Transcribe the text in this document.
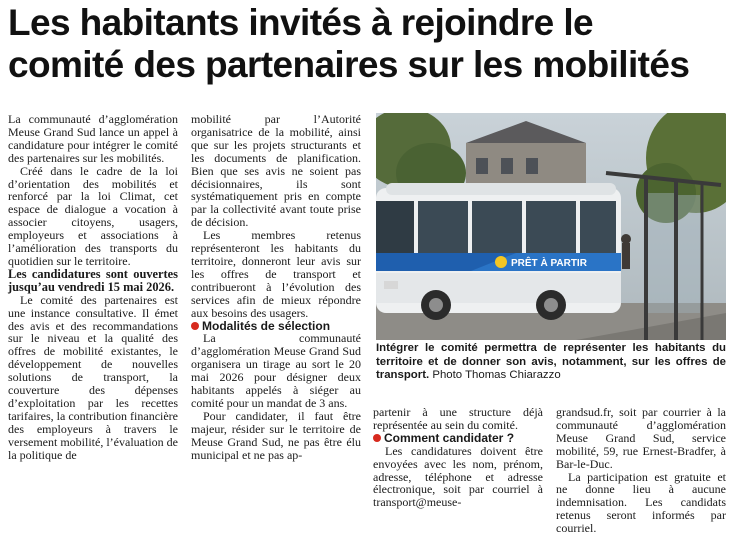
Les habitants invités à rejoindre le
comité des partenaires sur les mobilités

La communauté d’agglomération Meuse Grand Sud lance un appel à candidature pour intégrer le comité des partenaires sur les mobilités.

Créé dans le cadre de la loi d’orientation des mobilités et renforcé par la loi Climat, cet espace de dialogue a vocation à associer citoyens, usagers, employeurs et associations à l’amélioration des transports du quotidien sur le territoire.

Les candidatures sont ouvertes jusqu’au vendredi 15 mai 2026.

Le comité des partenaires est une instance consultative. Il émet des avis et des recommandations sur le niveau et la qualité des offres de mobilité existantes, le développement de nouvelles solutions de transport, la couverture des dépenses d’exploitation par les recettes tarifaires, la contribution financière des employeurs à travers le versement mobilité, l’évaluation de la politique de

mobilité par l’Autorité organisatrice de la mobilité, ainsi que sur les projets structurants et les documents de planification. Bien que ses avis ne soient pas décisionnaires, ils sont systématiquement pris en compte par la collectivité avant toute prise de décision.

Les membres retenus représenteront les habitants du territoire, donneront leur avis sur les offres de transport et contribueront à l’évolution des services afin de mieux répondre aux besoins des usagers.

Modalités de sélection

La communauté d’agglomération Meuse Grand Sud organisera un tirage au sort le 20 mai 2026 pour désigner deux habitants appelés à siéger au comité pour un mandat de 3 ans.

Pour candidater, il faut être majeur, résider sur le territoire de Meuse Grand Sud, ne pas être élu municipal et ne pas ap-

PRÊT À PARTIR
Intégrer le comité permettra de représenter les habitants du territoire et de donner son avis, notamment, sur les offres de transport. Photo Thomas Chiarazzo

partenir à une structure déjà représentée au sein du comité.

Comment candidater ?

Les candidatures doivent être envoyées avec les nom, prénom, adresse, téléphone et adresse électronique, soit par courriel à transport@meuse-

grandsud.fr, soit par courrier à la communauté d’agglomération Meuse Grand Sud, service mobilité, 59, rue Ernest-Bradfer, à Bar-le-Duc.

La participation est gratuite et ne donne lieu à aucune indemnisation. Les candidats retenus seront informés par courriel.
